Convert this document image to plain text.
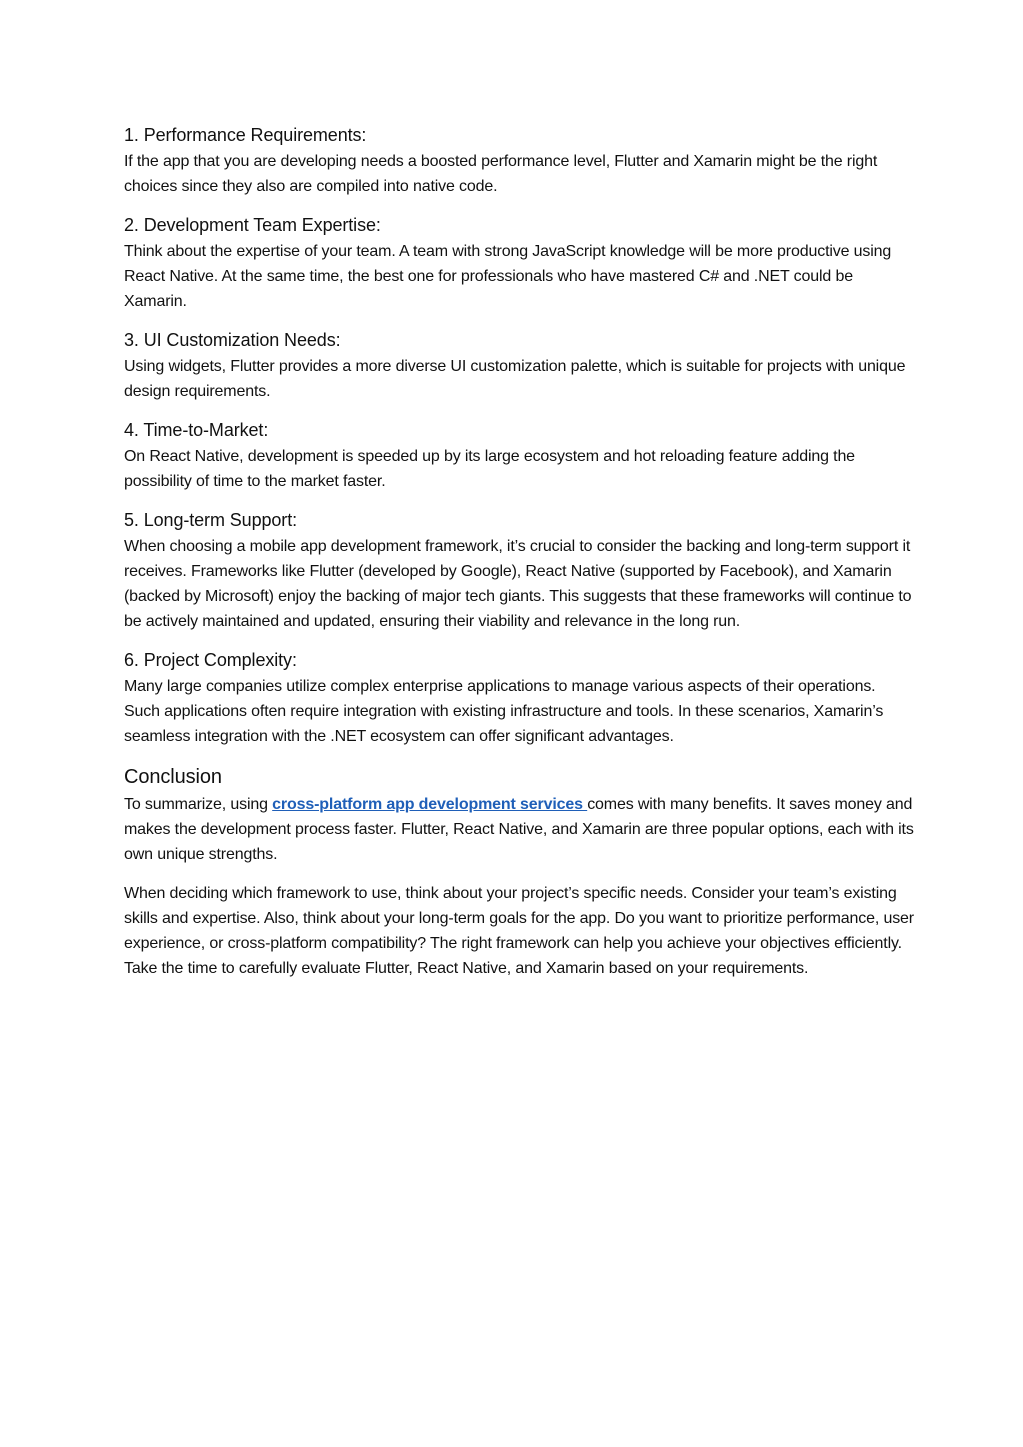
1. Performance Requirements:

If the app that you are developing needs a boosted performance level, Flutter and Xamarin might be the right choices since they also are compiled into native code.

2. Development Team Expertise:

Think about the expertise of your team. A team with strong JavaScript knowledge will be more productive using React Native. At the same time, the best one for professionals who have mastered C# and .NET could be Xamarin.

3. UI Customization Needs:

Using widgets, Flutter provides a more diverse UI customization palette, which is suitable for projects with unique design requirements.

4. Time-to-Market:

On React Native, development is speeded up by its large ecosystem and hot reloading feature adding the possibility of time to the market faster.

5. Long-term Support:

When choosing a mobile app development framework, it’s crucial to consider the backing and long-term support it receives. Frameworks like Flutter (developed by Google), React Native (supported by Facebook), and Xamarin (backed by Microsoft) enjoy the backing of major tech giants. This suggests that these frameworks will continue to be actively maintained and updated, ensuring their viability and relevance in the long run.

6. Project Complexity:

Many large companies utilize complex enterprise applications to manage various aspects of their operations. Such applications often require integration with existing infrastructure and tools. In these scenarios, Xamarin’s seamless integration with the .NET ecosystem can offer significant advantages.

Conclusion

To summarize, using cross-platform app development services comes with many benefits. It saves money and makes the development process faster. Flutter, React Native, and Xamarin are three popular options, each with its own unique strengths.

When deciding which framework to use, think about your project’s specific needs. Consider your team’s existing skills and expertise. Also, think about your long-term goals for the app. Do you want to prioritize performance, user experience, or cross-platform compatibility? The right framework can help you achieve your objectives efficiently. Take the time to carefully evaluate Flutter, React Native, and Xamarin based on your requirements.
